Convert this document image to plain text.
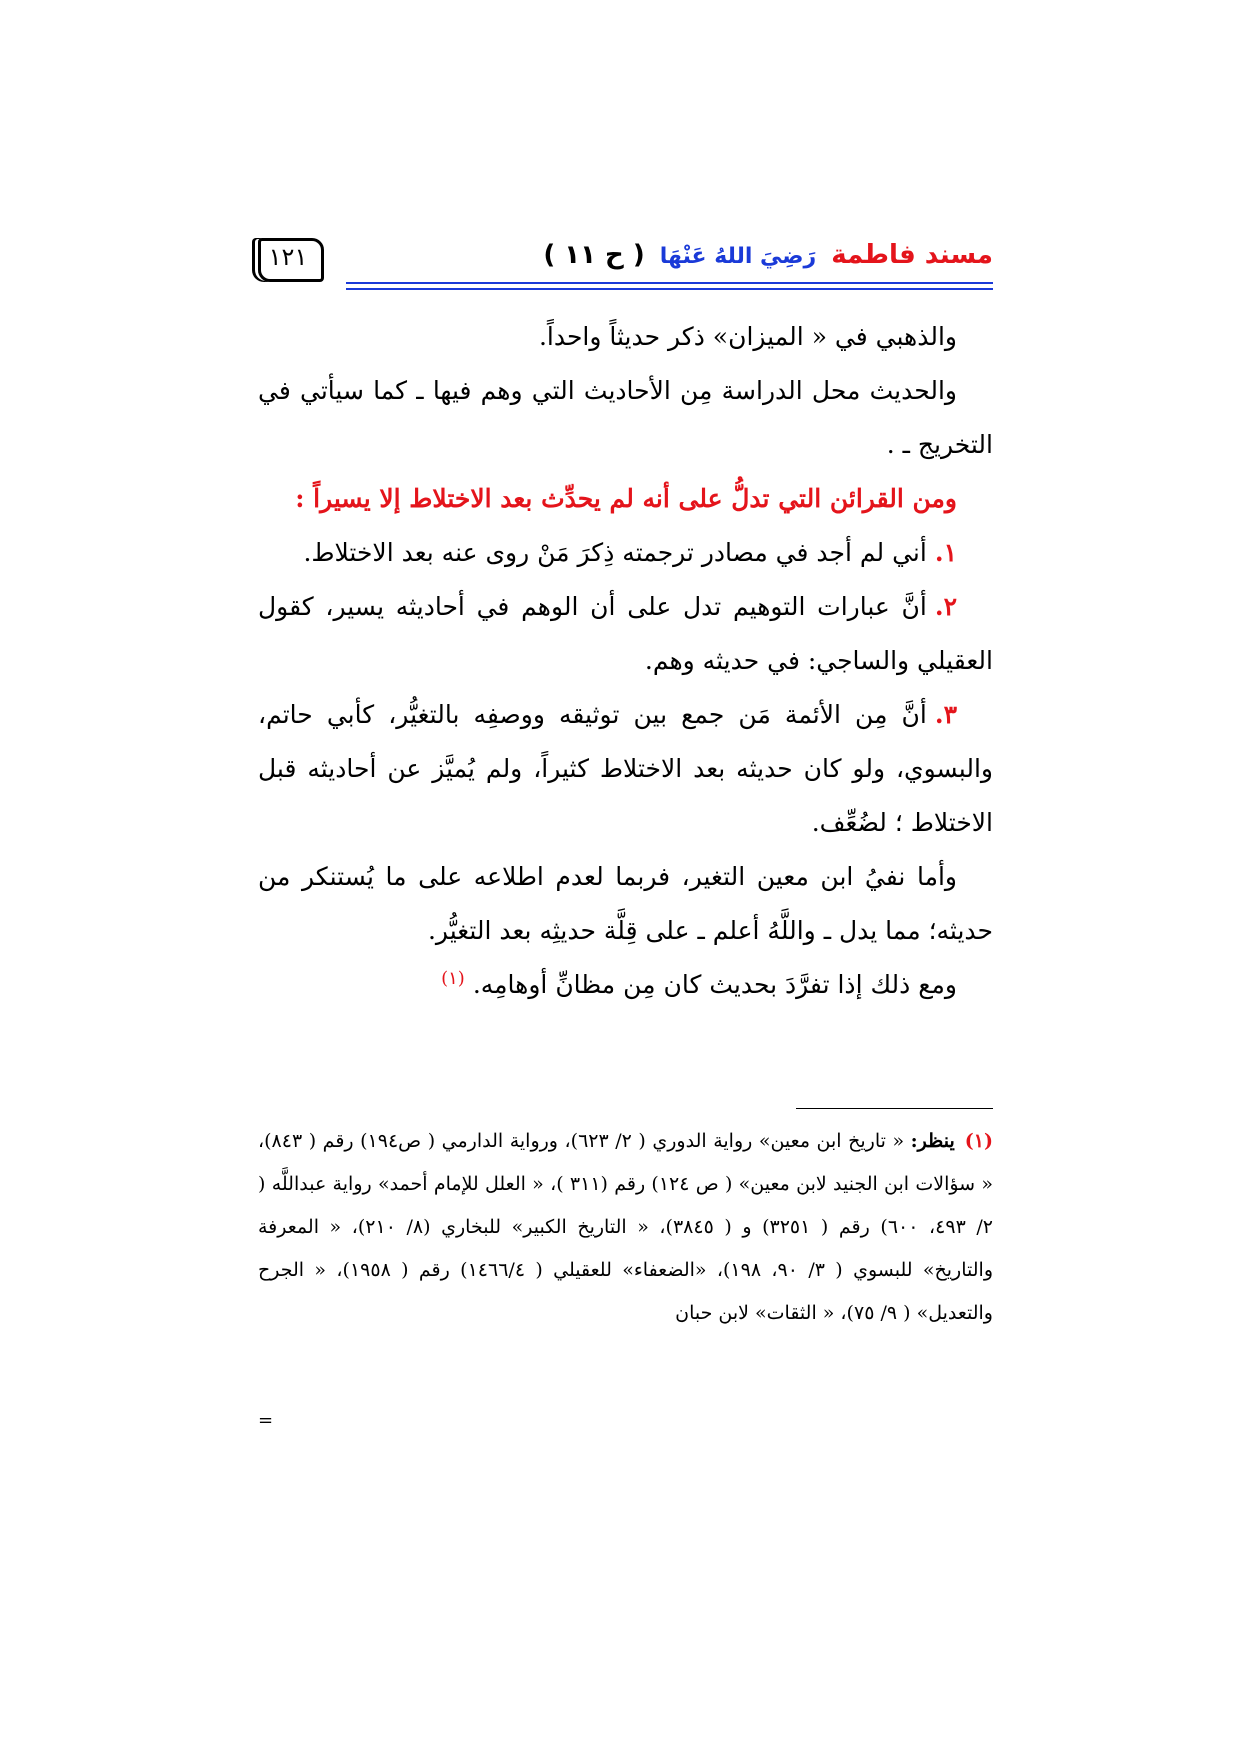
١٢١	مسند فاطمة رَضِيَ اللهُ عَنْهَا ( ح ١١ )

والذهبي في « الميزان» ذكر حديثاً واحداً.

والحديث محل الدراسة مِن الأحاديث التي وهم فيها ـ كما سيأتي في التخريج ـ .

ومن القرائن التي تدلُّ على أنه لم يحدِّث بعد الاختلاط إلا يسيراً :

١.أني لم أجد في مصادر ترجمته ذِكرَ مَنْ روى عنه بعد الاختلاط.

٢.أنَّ عبارات التوهيم تدل على أن الوهم في أحاديثه يسير، كقول العقيلي والساجي: في حديثه وهم.

٣.أنَّ مِن الأئمة مَن جمع بين توثيقه ووصفِه بالتغيُّر، كأبي حاتم، والبسوي، ولو كان حديثه بعد الاختلاط كثيراً، ولم يُميَّز عن أحاديثه قبل الاختلاط ؛ لضُعِّف.

وأما نفيُ ابن معين التغير، فربما لعدم اطلاعه على ما يُستنكر من حديثه؛ مما يدل ـ واللَّهُ أعلم ـ على قِلَّة حديثِه بعد التغيُّر.

ومع ذلك إذا تفرَّدَ بحديث كان مِن مظانِّ أوهامِه.$^{(١)}$

(١)ينظر: « تاريخ ابن معين» رواية الدوري ( ٢/ ٦٢٣)، ورواية الدارمي ( ص١٩٤) رقم ( ٨٤٣)، « سؤالات ابن الجنيد لابن معين» ( ص ١٢٤) رقم (٣١١ )، « العلل للإمام أحمد» رواية عبداللَّه ( ٢/ ٤٩٣، ٦٠٠) رقم ( ٣٢٥١) و ( ٣٨٤٥)، « التاريخ الكبير» للبخاري (٨/ ٢١٠)، « المعرفة والتاريخ» للبسوي ( ٣/ ٩٠، ١٩٨)، «الضعفاء» للعقيلي ( ١٤٦٦/٤) رقم ( ١٩٥٨)، « الجرح والتعديل» ( ٩/ ٧٥)، « الثقات» لابن حبان
=
